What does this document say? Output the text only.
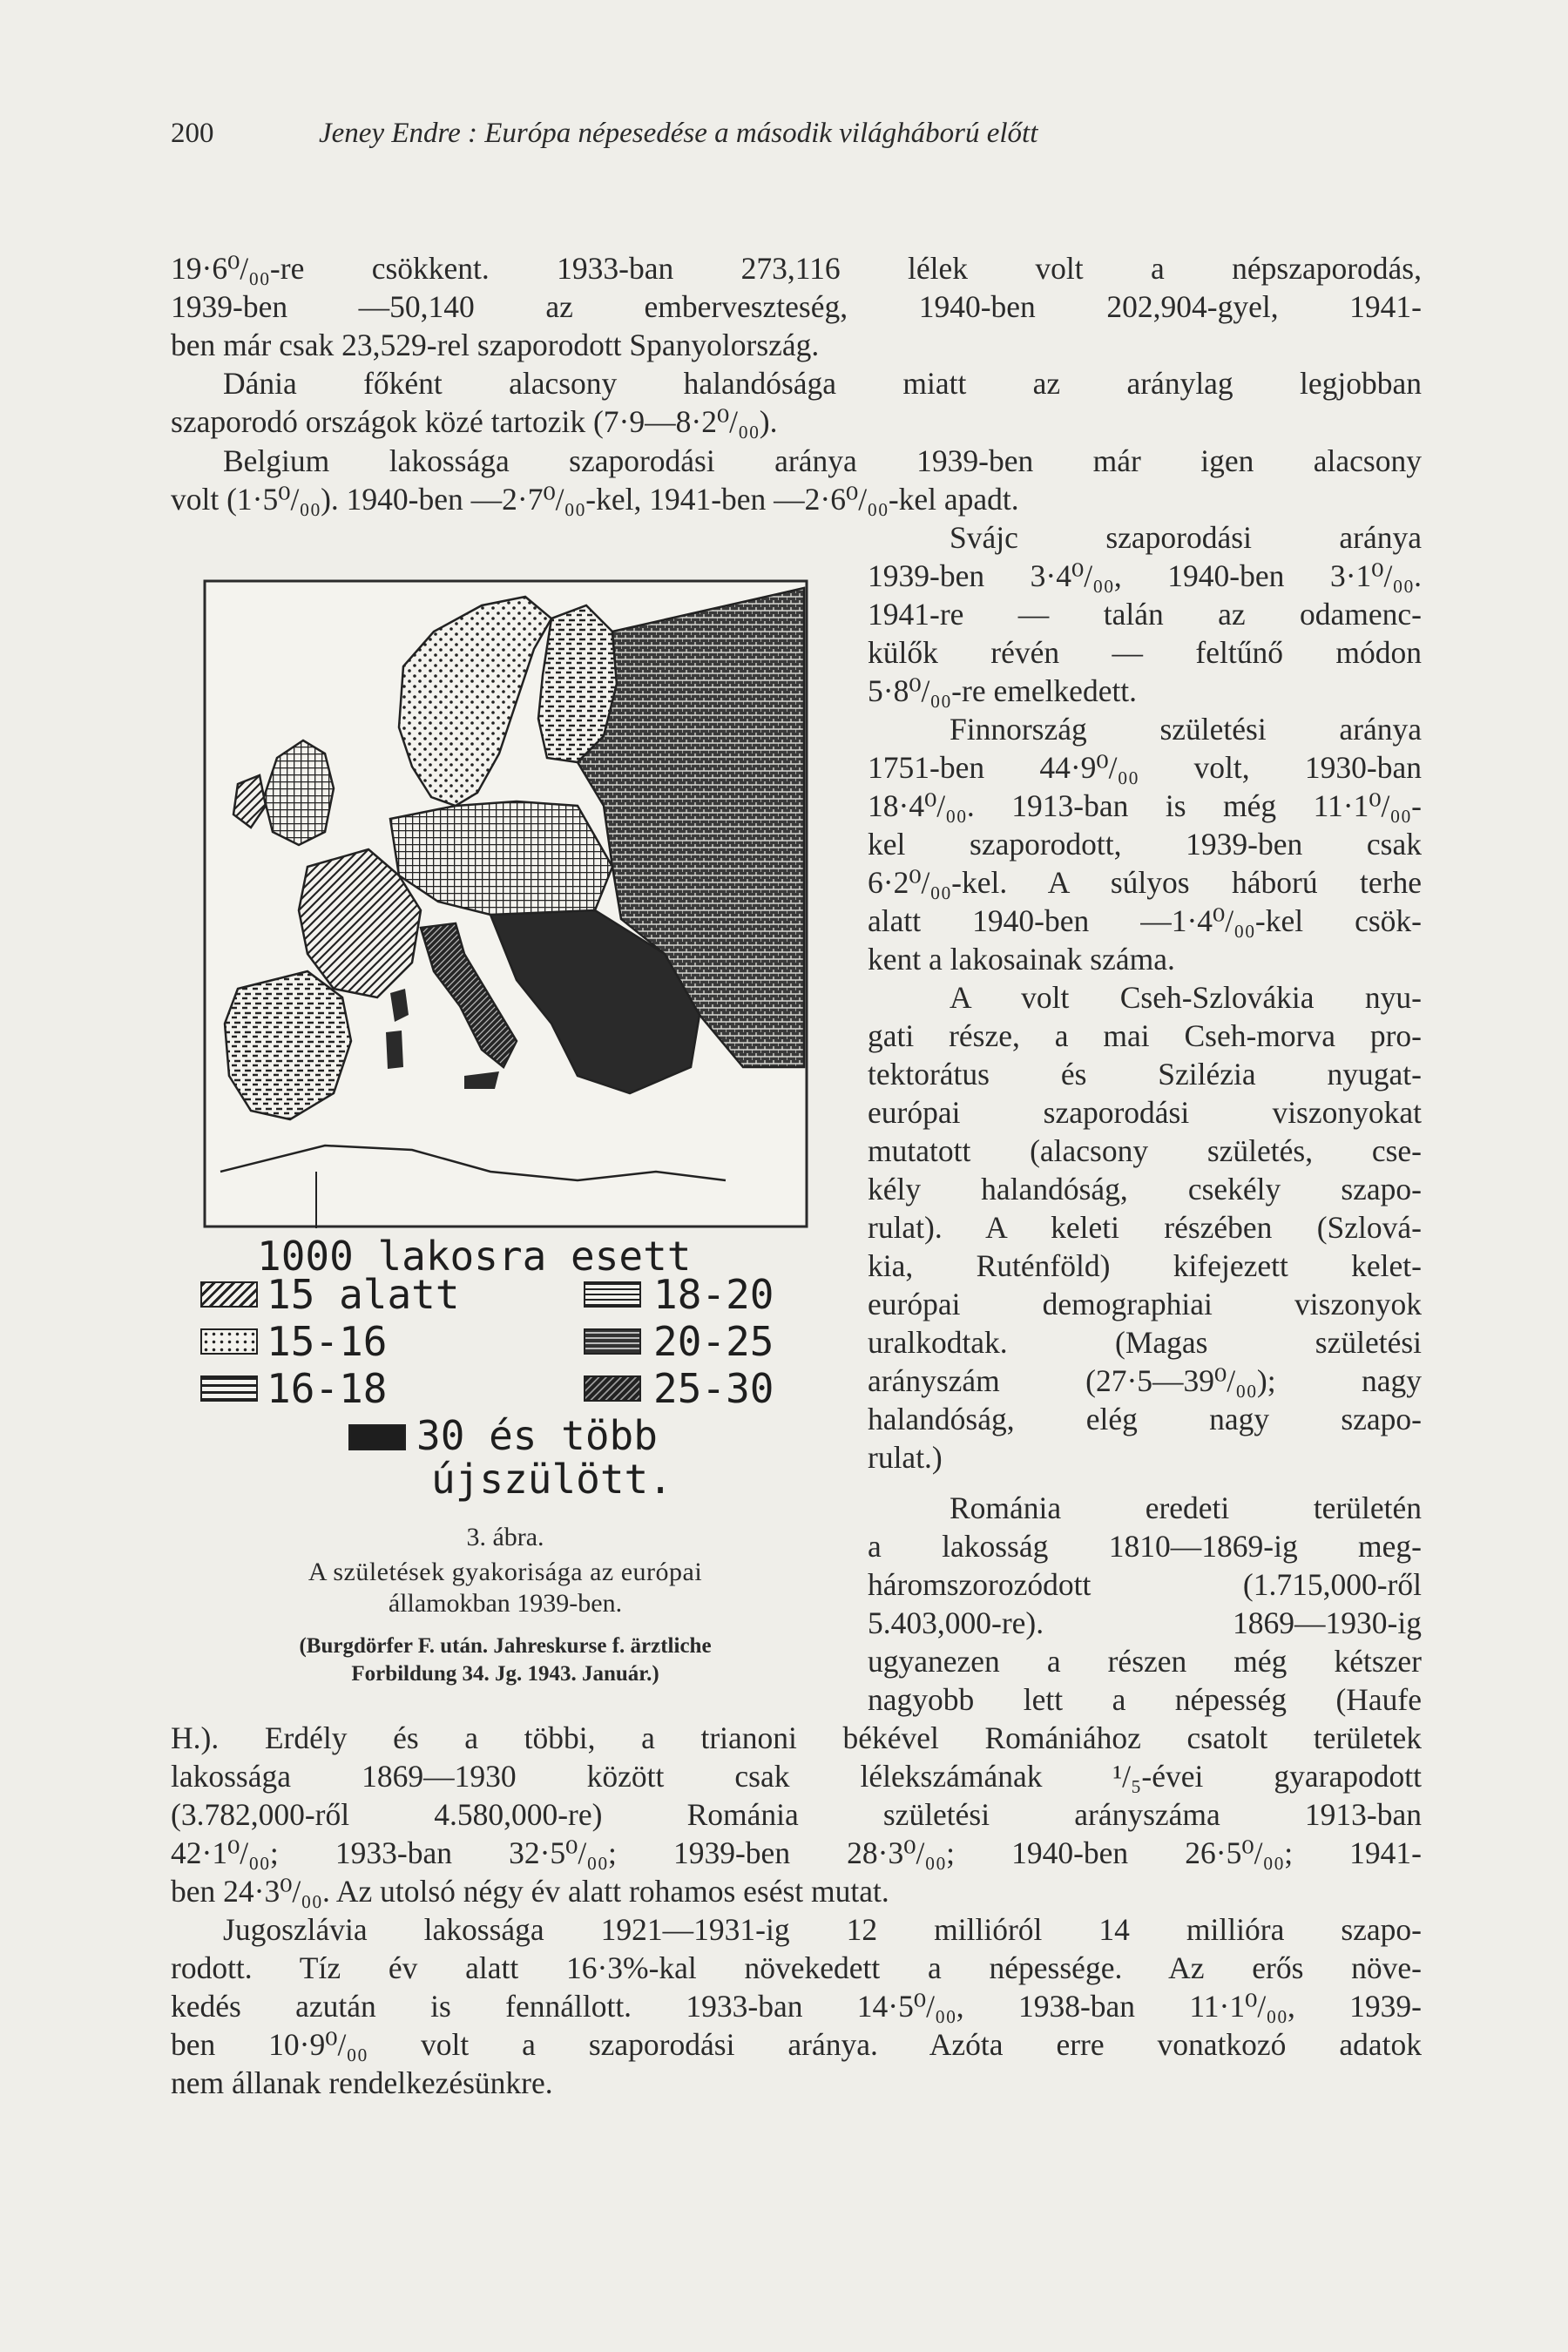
200	Jeney Endre : Európa népesedése a második világháború előtt
19·6⁰/₀₀-re csökkent. 1933-ban 273,116 lélek volt a népszaporodás,
1939-ben —50,140 az emberveszteség, 1940-ben 202,904-gyel, 1941-
ben már csak 23,529-rel szaporodott Spanyolország.
Dánia főként alacsony halandósága miatt az aránylag legjobban
szaporodó országok közé tartozik (7·9—8·2⁰/₀₀).
Belgium lakossága szaporodási aránya 1939-ben már igen alacsony
volt (1·5⁰/₀₀). 1940-ben —2·7⁰/₀₀-kel, 1941-ben —2·6⁰/₀₀-kel apadt.
Svájc szaporodási aránya
1939-ben 3·4⁰/₀₀, 1940-ben 3·1⁰/₀₀.
1941-re — talán az odamenc-
külők révén — feltűnő módon
5·8⁰/₀₀-re emelkedett.
Finnország születési aránya
1751-ben 44·9⁰/₀₀ volt, 1930-ban
18·4⁰/₀₀. 1913-ban is még 11·1⁰/₀₀-
kel szaporodott, 1939-ben csak
6·2⁰/₀₀-kel. A súlyos háború terhe
alatt 1940-ben —1·4⁰/₀₀-kel csök-
kent a lakosainak száma.
A volt Cseh-Szlovákia nyu-
gati része, a mai Cseh-morva pro-
tektorátus és Szilézia nyugat-
európai szaporodási viszonyokat
mutatott (alacsony születés, cse-
kély halandóság, csekély szapo-
rulat). A keleti részében (Szlová-
kia, Ruténföld) kifejezett kelet-
európai demographiai viszonyok
uralkodtak. (Magas születési
arányszám (27·5—39⁰/₀₀); nagy
halandóság, elég nagy szapo-
rulat.)
Románia eredeti területén
a lakosság 1810—1869-ig meg-
háromszorozódott (1.715,000-ről
5.403,000-re). 1869—1930-ig
ugyanezen a részen még kétszer
nagyobb lett a népesség (Haufe
H.). Erdély és a többi, a trianoni békével Romániához csatolt területek
lakossága 1869—1930 között csak lélekszámának ¹/₅-évei gyarapodott
(3.782,000-ről 4.580,000-re) Románia születési arányszáma 1913-ban
42·1⁰/₀₀; 1933-ban 32·5⁰/₀₀; 1939-ben 28·3⁰/₀₀; 1940-ben 26·5⁰/₀₀; 1941-
ben 24·3⁰/₀₀. Az utolsó négy év alatt rohamos esést mutat.
Jugoszlávia lakossága 1921—1931-ig 12 millióról 14 millióra szapo-
rodott. Tíz év alatt 16·3%-kal növekedett a népessége. Az erős növe-
kedés azután is fennállott. 1933-ban 14·5⁰/₀₀, 1938-ban 11·1⁰/₀₀, 1939-
ben 10·9⁰/₀₀ volt a szaporodási aránya. Azóta erre vonatkozó adatok
nem állanak rendelkezésünkre.
1000 lakosra esett
15 alatt
15-16
16-18
18-20
20-25
25-30
30 és több
újszülött.
3. ábra.
A születések gyakorisága az európai
államokban 1939-ben.
(Burgdörfer F. után. Jahreskurse f. ärztliche
Forbildung 34. Jg. 1943. Január.)
